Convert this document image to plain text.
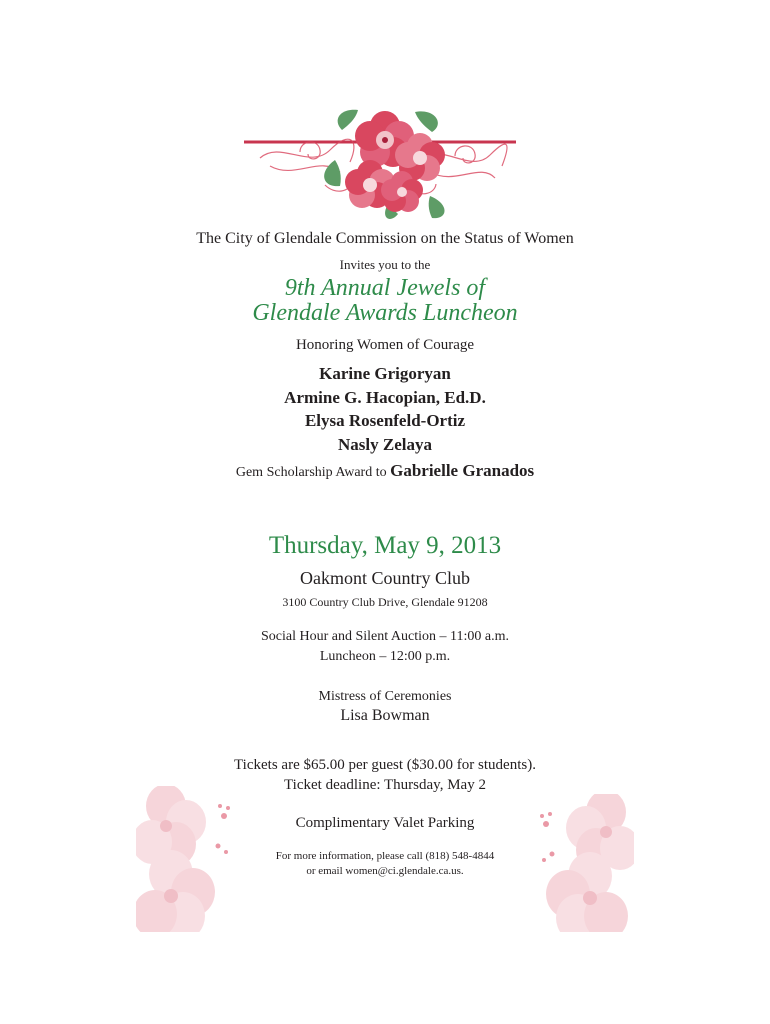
The City of Glendale Commission on the Status of Women
Invites you to the
9th Annual Jewels of
Glendale Awards Luncheon
Honoring Women of Courage
Karine Grigoryan
Armine G. Hacopian, Ed.D.
Elysa Rosenfeld-Ortiz
Nasly Zelaya
Gem Scholarship Award to Gabrielle Granados
Thursday, May 9, 2013
Oakmont Country Club
3100 Country Club Drive, Glendale 91208
Social Hour and Silent Auction – 11:00 a.m.
Luncheon – 12:00 p.m.
Mistress of Ceremonies
Lisa Bowman
Tickets are $65.00 per guest ($30.00 for students).
Ticket deadline: Thursday, May 2
Complimentary Valet Parking
For more information, please call (818) 548-4844
or email women@ci.glendale.ca.us.
